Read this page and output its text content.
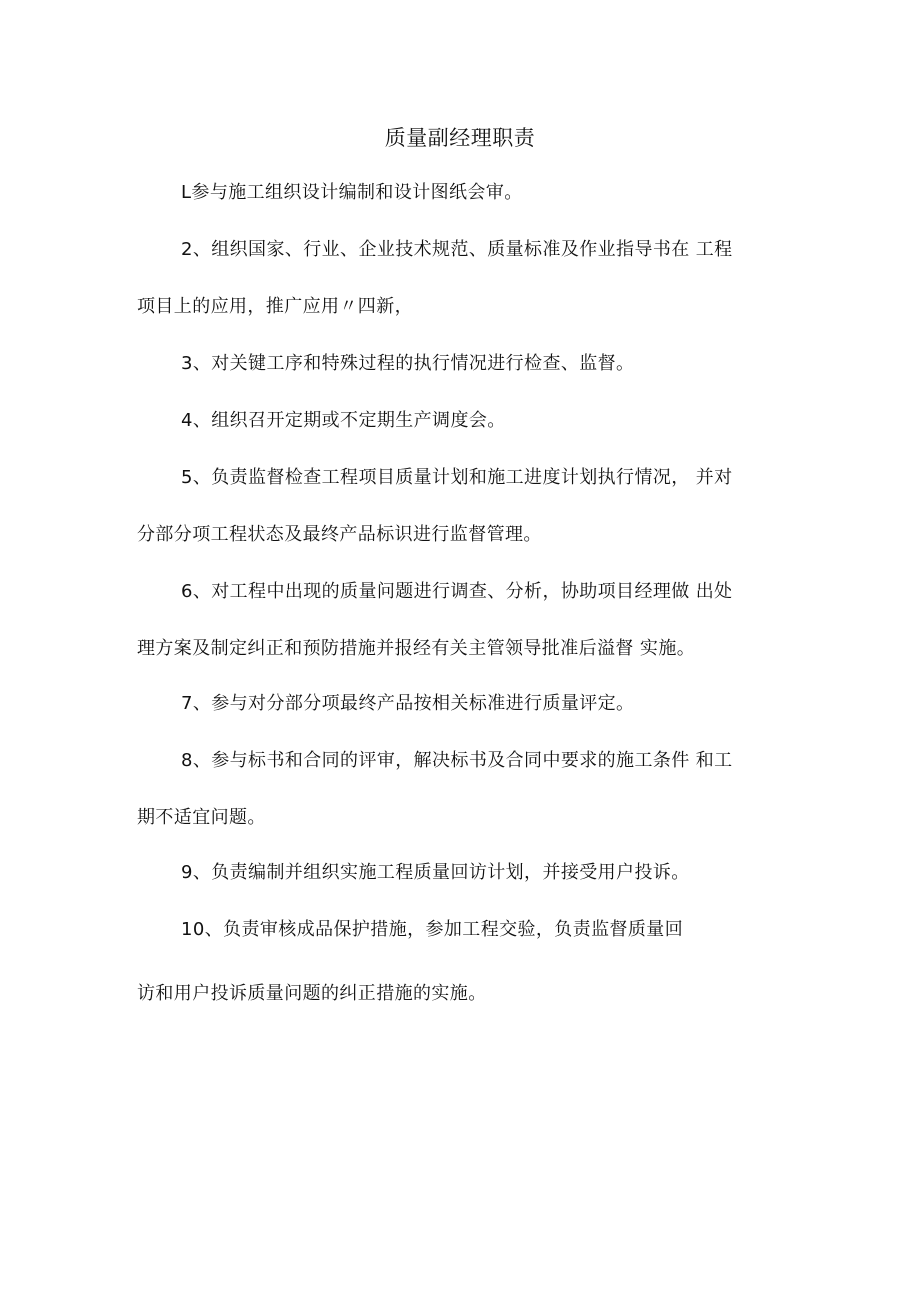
质量副经理职责
L参与施工组织设计编制和设计图纸会审。
2、组织国家、行业、企业技术规范、质量标准及作业指导书在 工程
项目上的应用，推广应用〃四新，
3、对关键工序和特殊过程的执行情况进行检查、监督。
4、组织召开定期或不定期生产调度会。
5、负责监督检查工程项目质量计划和施工进度计划执行情况， 并对
分部分项工程状态及最终产品标识进行监督管理。
6、对工程中出现的质量问题进行调查、分析，协助项目经理做 出处
理方案及制定纠正和预防措施并报经有关主管领导批准后溢督 实施。
7、参与对分部分项最终产品按相关标准进行质量评定。
8、参与标书和合同的评审，解决标书及合同中要求的施工条件 和工
期不适宜问题。
9、负责编制并组织实施工程质量回访计划，并接受用户投诉。
10、负责审核成品保护措施，参加工程交验，负责监督质量回
访和用户投诉质量问题的纠正措施的实施。
